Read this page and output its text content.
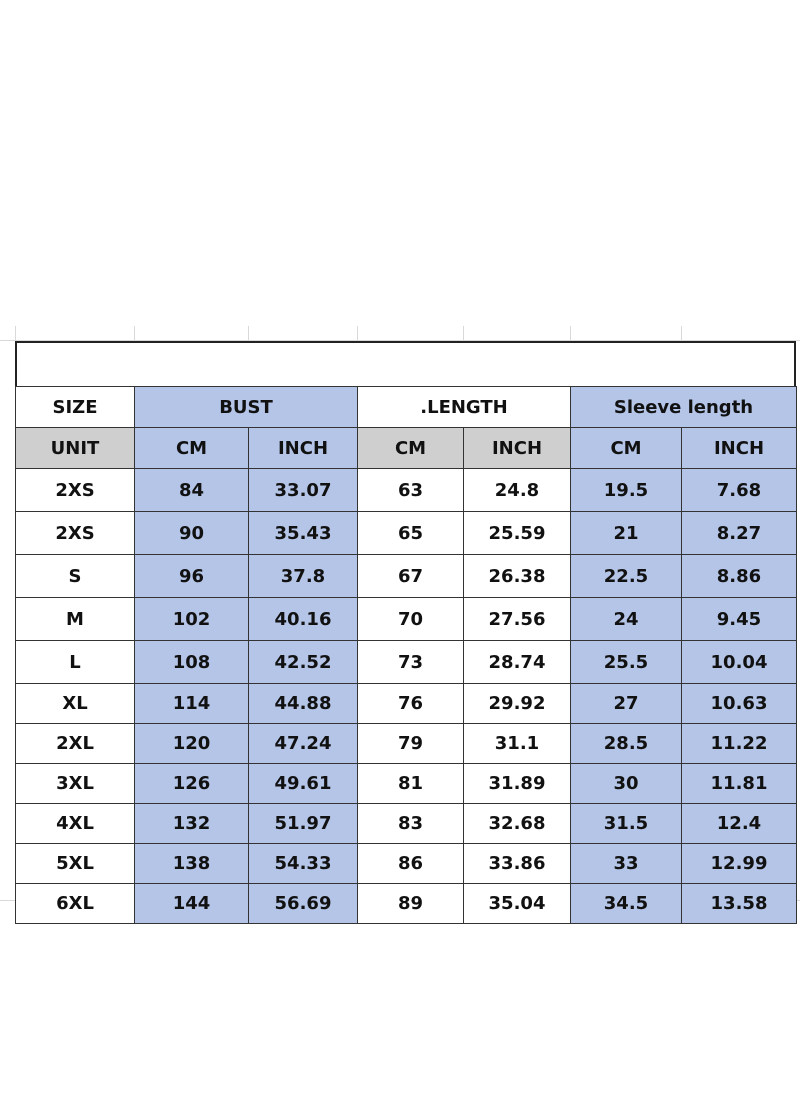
SIZE	BUST		.LENGTH		Sleeve length	
UNIT	CM	INCH	CM	INCH	CM	INCH
2XS	84	33.07	63	24.8	19.5	7.68
2XS	90	35.43	65	25.59	21	8.27
S	96	37.8	67	26.38	22.5	8.86
M	102	40.16	70	27.56	24	9.45
L	108	42.52	73	28.74	25.5	10.04
XL	114	44.88	76	29.92	27	10.63
2XL	120	47.24	79	31.1	28.5	11.22
3XL	126	49.61	81	31.89	30	11.81
4XL	132	51.97	83	32.68	31.5	12.4
5XL	138	54.33	86	33.86	33	12.99
6XL	144	56.69	89	35.04	34.5	13.58
